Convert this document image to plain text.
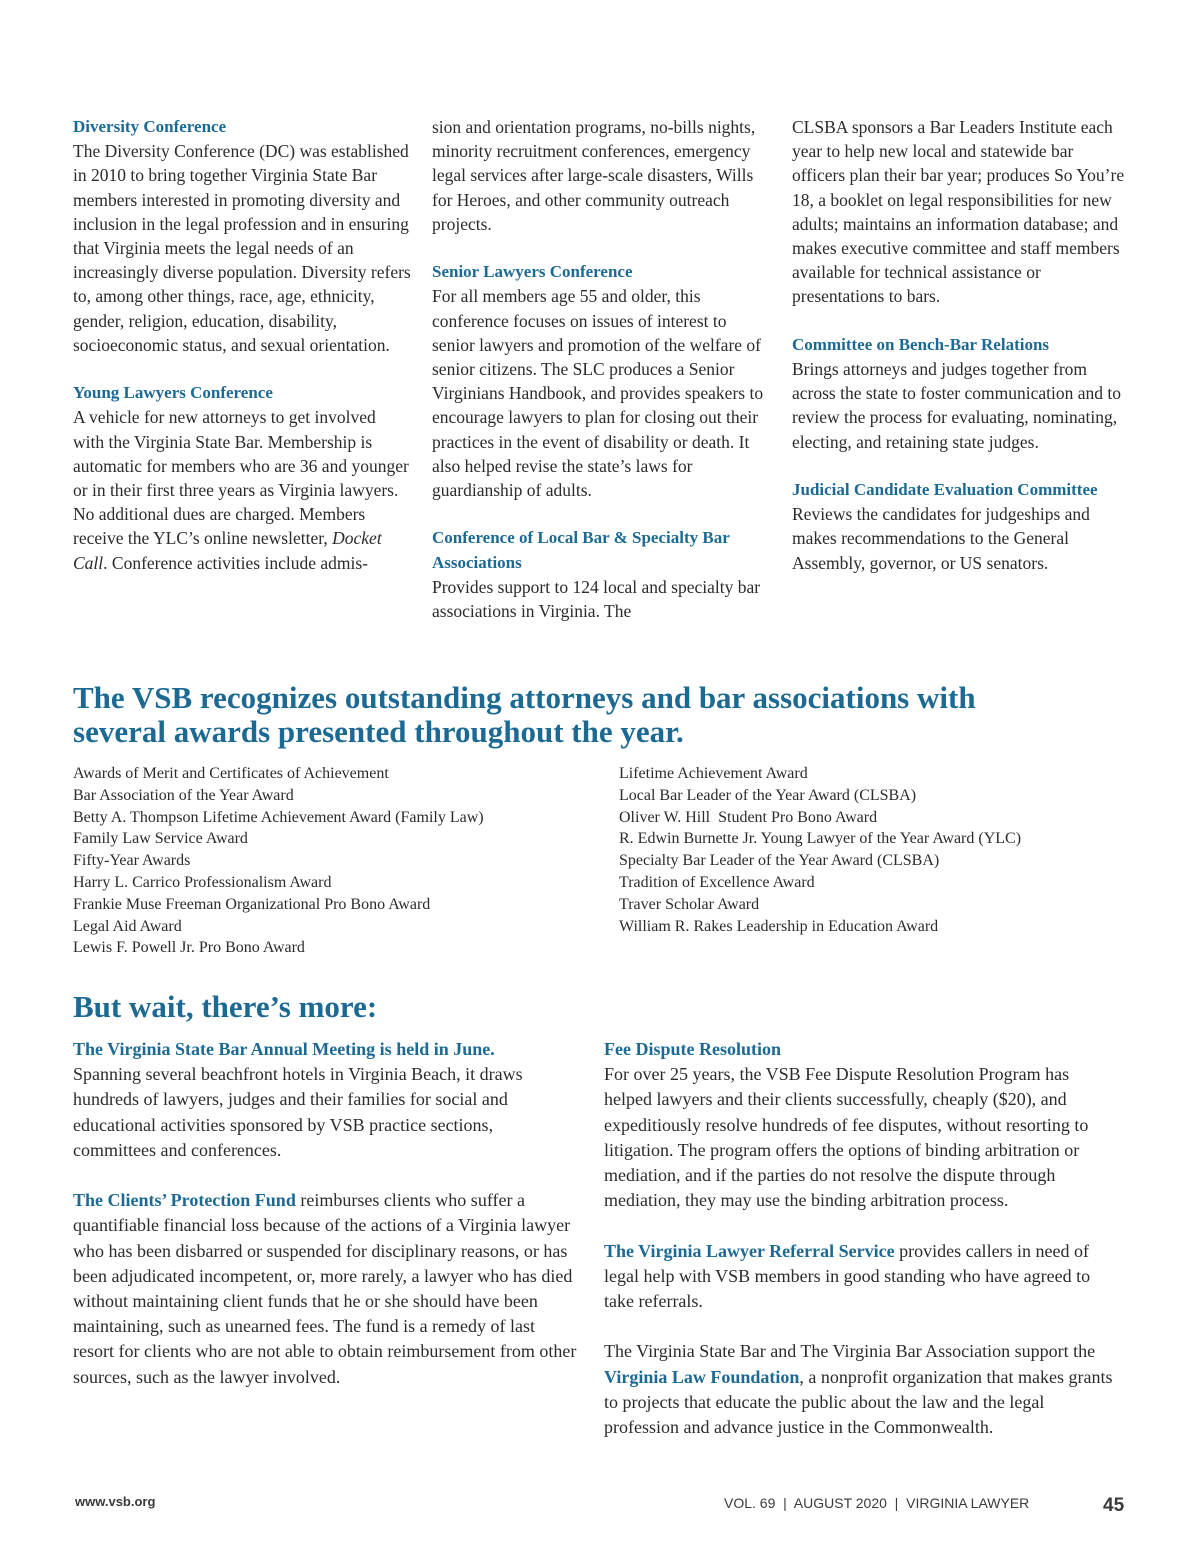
Diversity Conference

The Diversity Conference (DC) was established in 2010 to bring together Virginia State Bar members interested in promoting diversity and inclusion in the legal profession and in ensuring that Virginia meets the legal needs of an increasingly diverse population. Diversity refers to, among other things, race, age, ethnicity, gender, religion, education, disability, socioeconomic status, and sexual orientation.

Young Lawyers Conference

A vehicle for new attorneys to get involved with the Virginia State Bar. Membership is automatic for members who are 36 and younger or in their first three years as Virginia lawyers. No additional dues are charged. Members receive the YLC’s online newsletter, Docket Call. Conference activities include admis-

sion and orientation programs, no-bills nights, minority recruitment conferences, emergency legal services after large-scale disasters, Wills for Heroes, and other community outreach projects.

Senior Lawyers Conference

For all members age 55 and older, this conference focuses on issues of interest to senior lawyers and promotion of the welfare of senior citizens. The SLC produces a Senior Virginians Handbook, and provides speakers to encourage lawyers to plan for closing out their practices in the event of disability or death. It also helped revise the state’s laws for guardianship of adults.

Conference of Local Bar & Specialty Bar Associations

Provides support to 124 local and specialty bar associations in Virginia. The

CLSBA sponsors a Bar Leaders Institute each year to help new local and statewide bar officers plan their bar year; produces So You’re 18, a booklet on legal responsibilities for new adults; maintains an information database; and makes executive committee and staff members available for technical assistance or presentations to bars.

Committee on Bench-Bar Relations

Brings attorneys and judges together from across the state to foster communication and to review the process for evaluating, nominating, electing, and retaining state judges.

Judicial Candidate Evaluation Committee

Reviews the candidates for judgeships and makes recommendations to the General Assembly, governor, or US senators.

The VSB recognizes outstanding attorneys and bar associations with several awards presented throughout the year.
Awards of Merit and Certificates of Achievement
Bar Association of the Year Award
Betty A. Thompson Lifetime Achievement Award (Family Law)
Family Law Service Award
Fifty-Year Awards
Harry L. Carrico Professionalism Award
Frankie Muse Freeman Organizational Pro Bono Award
Legal Aid Award
Lewis F. Powell Jr. Pro Bono Award
Lifetime Achievement Award
Local Bar Leader of the Year Award (CLSBA)
Oliver W. Hill  Student Pro Bono Award
R. Edwin Burnette Jr. Young Lawyer of the Year Award (YLC)
Specialty Bar Leader of the Year Award (CLSBA)
Tradition of Excellence Award
Traver Scholar Award
William R. Rakes Leadership in Education Award
But wait, there’s more:
The Virginia State Bar Annual Meeting is held in June.

Spanning several beachfront hotels in Virginia Beach, it draws hundreds of lawyers, judges and their families for social and educational activities sponsored by VSB practice sections, committees and conferences.

The Clients’ Protection Fund reimburses clients who suffer a quantifiable financial loss because of the actions of a Virginia lawyer who has been disbarred or suspended for disciplinary reasons, or has been adjudicated incompetent, or, more rarely, a lawyer who has died without maintaining client funds that he or she should have been maintaining, such as unearned fees. The fund is a remedy of last resort for clients who are not able to obtain reimbursement from other sources, such as the lawyer involved.

Fee Dispute Resolution

For over 25 years, the VSB Fee Dispute Resolution Program has helped lawyers and their clients successfully, cheaply ($20), and expeditiously resolve hundreds of fee disputes, without resorting to litigation. The program offers the options of binding arbitration or mediation, and if the parties do not resolve the dispute through mediation, they may use the binding arbitration process.

The Virginia Lawyer Referral Service provides callers in need of legal help with VSB members in good standing who have agreed to take referrals.

The Virginia State Bar and The Virginia Bar Association support the Virginia Law Foundation, a nonprofit organization that makes grants to projects that educate the public about the law and the legal profession and advance justice in the Commonwealth.

www.vsb.org	VOL. 69  |  AUGUST 2020  |  VIRGINIA LAWYER	45
